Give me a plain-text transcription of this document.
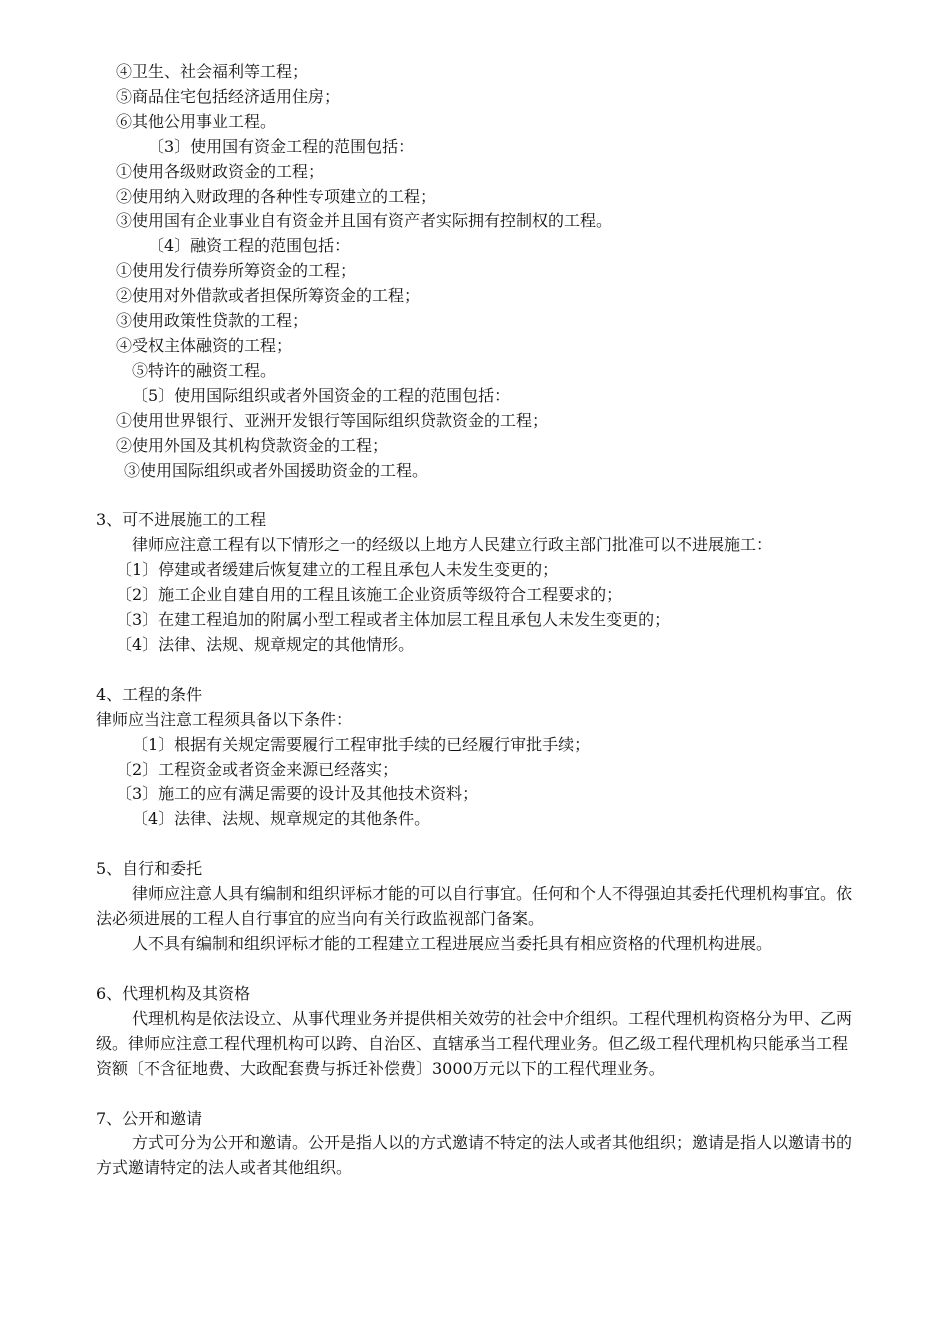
④卫生、社会福利等工程；
⑤商品住宅包括经济适用住房；
⑥其他公用事业工程。
〔3〕使用国有资金工程的范围包括：
①使用各级财政资金的工程；
②使用纳入财政理的各种性专项建立的工程；
③使用国有企业事业自有资金并且国有资产者实际拥有控制权的工程。
〔4〕融资工程的范围包括：
①使用发行债券所筹资金的工程；
②使用对外借款或者担保所筹资金的工程；
③使用政策性贷款的工程；
④受权主体融资的工程；
⑤特许的融资工程。
〔5〕使用国际组织或者外国资金的工程的范围包括：
①使用世界银行、亚洲开发银行等国际组织贷款资金的工程；
②使用外国及其机构贷款资金的工程；
③使用国际组织或者外国援助资金的工程。
3、可不进展施工的工程
律师应注意工程有以下情形之一的经级以上地方人民建立行政主部门批准可以不进展施工：
〔1〕停建或者缓建后恢复建立的工程且承包人未发生变更的；
〔2〕施工企业自建自用的工程且该施工企业资质等级符合工程要求的；
〔3〕在建工程追加的附属小型工程或者主体加层工程且承包人未发生变更的；
〔4〕法律、法规、规章规定的其他情形。
4、工程的条件
律师应当注意工程须具备以下条件：
〔1〕根据有关规定需要履行工程审批手续的已经履行审批手续；
〔2〕工程资金或者资金来源已经落实；
〔3〕施工的应有满足需要的设计及其他技术资料；
〔4〕法律、法规、规章规定的其他条件。
5、自行和委托
律师应注意人具有编制和组织评标才能的可以自行事宜。任何和个人不得强迫其委托代理机构事宜。依法必须进展的工程人自行事宜的应当向有关行政监视部门备案。
人不具有编制和组织评标才能的工程建立工程进展应当委托具有相应资格的代理机构进展。
6、代理机构及其资格
代理机构是依法设立、从事代理业务并提供相关效劳的社会中介组织。工程代理机构资格分为甲、乙两级。律师应注意工程代理机构可以跨、自治区、直辖承当工程代理业务。但乙级工程代理机构只能承当工程资额〔不含征地费、大政配套费与拆迁补偿费〕3000万元以下的工程代理业务。
7、公开和邀请
方式可分为公开和邀请。公开是指人以的方式邀请不特定的法人或者其他组织；邀请是指人以邀请书的方式邀请特定的法人或者其他组织。
